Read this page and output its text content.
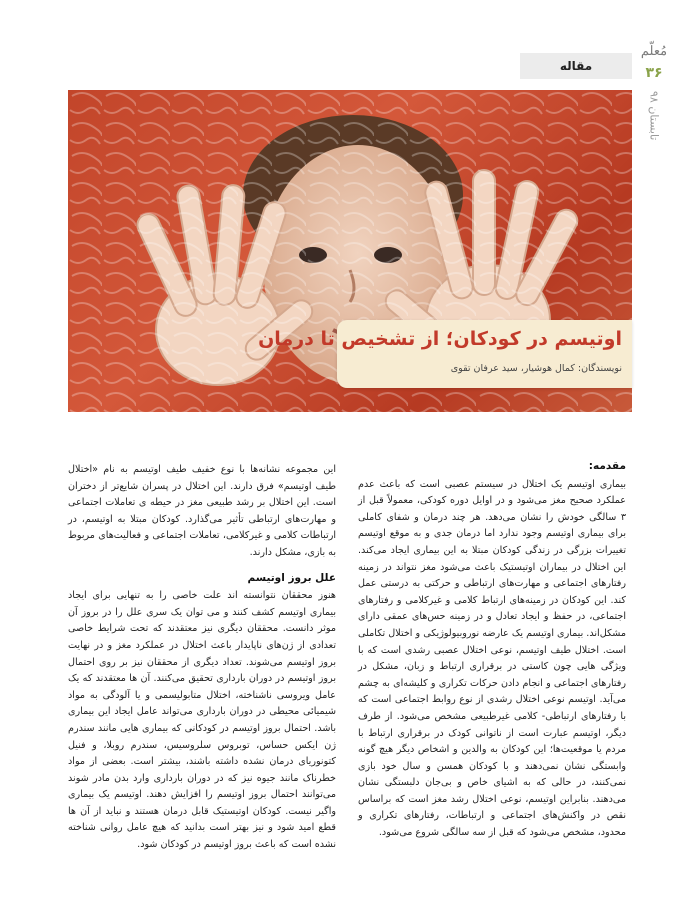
مقاله
مُعلّم
۳۶
تابستان ۹۸
اوتیسم در کودکان؛ از تشخیص تا درمان
نویسندگان: کمال هوشیار، سید عرفان تقوی
مقدمه:

بیماری اوتیسم یک اختلال در سیستم عصبی است که باعث عدم عملکرد صحیح مغز می‌شود و در اوایل دوره کودکی، معمولاً قبل از ۳ سالگی خودش را نشان می‌دهد. هر چند درمان و شفای کاملی برای بیماری اوتیسم وجود ندارد اما درمان جدی و به موقع اوتیسم تغییرات بزرگی در زندگی کودکان مبتلا به این بیماری ایجاد می‌کند. این اختلال در بیماران اوتیستیک باعث می‌شود مغز نتواند در زمینه رفتارهای اجتماعی و مهارت‌های ارتباطی و حرکتی به درستی عمل کند. این کودکان در زمینه‌های ارتباط کلامی و غیرکلامی و رفتارهای اجتماعی، در حفظ و ایجاد تعادل و در زمینه حس‌های عمقی دارای مشکل‌اند. بیماری اوتیسم یک عارضه نوروبیولوژیکی و اختلال تکاملی است. اختلال طیف اوتیسم، نوعی اختلال عصبی رشدی است که با ویژگی هایی چون کاستی در برقراری ارتباط و زبان، مشکل در رفتارهای اجتماعی و انجام دادن حرکات تکراری و کلیشه‌ای به چشم می‌آید. اوتیسم نوعی اختلال رشدی از نوع روابط اجتماعی است که با رفتارهای ارتباطی- کلامی غیرطبیعی مشخص می‌شود. از طرف دیگر، اوتیسم عبارت است از ناتوانی کودک در برقراری ارتباط با مردم یا موقعیت‌ها؛ این کودکان به والدین و اشخاص دیگر هیچ گونه وابستگی نشان نمی‌دهند و با کودکان همسن و سال خود بازی نمی‌کنند، در حالی که به اشیای خاص و بی‌جان دلبستگی نشان می‌دهند. بنابراین اوتیسم، نوعی اختلال رشد مغز است که براساس نقص در واکنش‌های اجتماعی و ارتباطات، رفتارهای تکراری و محدود، مشخص می‌شود که قبل از سه سالگی شروع می‌شود.

این مجموعه نشانه‌ها با نوع خفیف طیف اوتیسم به نام «اختلال طیف اوتیسم» فرق دارند. این اختلال در پسران شایع‌تر از دختران است. این اختلال بر رشد طبیعی مغز در حیطه ی تعاملات اجتماعی و مهارت‌های ارتباطی تأثیر می‌گذارد. کودکان مبتلا به اوتیسم، در ارتباطات کلامی و غیرکلامی، تعاملات اجتماعی و فعالیت‌های مربوط به بازی، مشکل دارند.

علل بروز اوتیسم

هنوز محققان نتوانسته اند علت خاصی را به تنهایی برای ایجاد بیماری اوتیسم کشف کنند و می توان یک سری علل را در بروز آن موثر دانست. محققان دیگری نیز معتقدند که تحت شرایط خاصی تعدادی از ژن‌های ناپایدار باعث اختلال در عملکرد مغز و در نهایت بروز اوتیسم می‌شوند. تعداد دیگری از محققان نیز بر روی احتمال بروز اوتیسم در دوران بارداری تحقیق می‌کنند. آن ها معتقدند که یک عامل ویروسی ناشناخته، اختلال متابولیسمی و یا آلودگی به مواد شیمیائی محیطی در دوران بارداری می‌تواند عامل ایجاد این بیماری باشد. احتمال بروز اوتیسم در کودکانی که بیماری هایی مانند سندرم ژن ایکس حساس، توبروس سلروسیس، سندرم روبلا، و فنیل کتونوریای درمان نشده داشته باشند، بیشتر است. بعضی از مواد خطرناک مانند جیوه نیز که در دوران بارداری وارد بدن مادر شوند می‌توانند احتمال بروز اوتیسم را افزایش دهند. اوتیسم یک بیماری واگیر نیست. کودکان اوتیستیک قابل درمان هستند و نباید از آن ها قطع امید شود و نیز بهتر است بدانید که هیچ عامل روانی شناخته نشده است که باعث بروز اوتیسم در کودکان شود.
